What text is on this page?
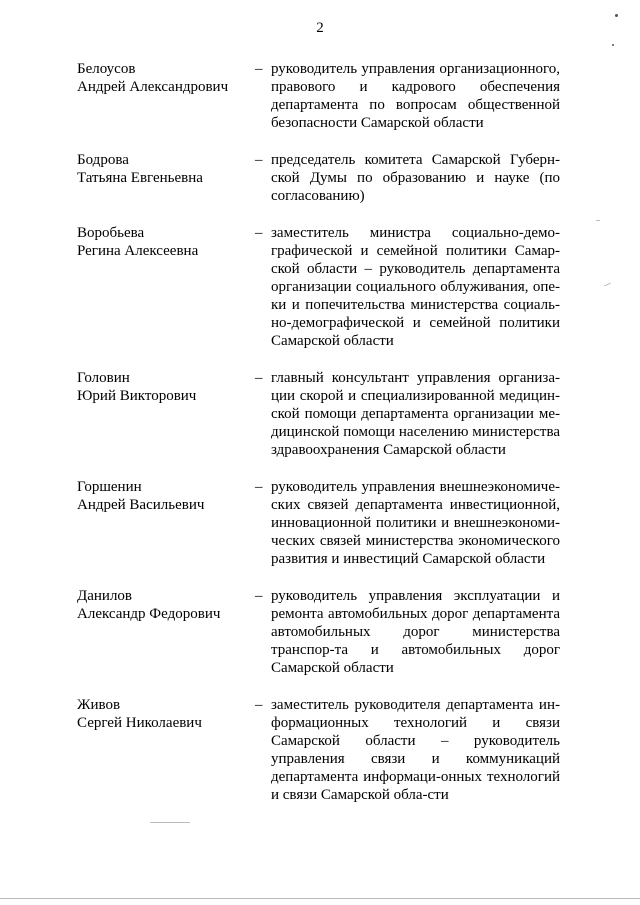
2
Белоусов
Андрей Александрович
– руководитель управления организационного, правового и кадрового обеспечения департамента по вопросам общественной безопасности Самарской области
Бодрова
Татьяна Евгеньевна
– председатель комитета Самарской Губерн-ской Думы по образованию и науке (по согласованию)
Воробьева
Регина Алексеевна
– заместитель министра социально-демо-графической и семейной политики Самар-ской области – руководитель департамента организации социального облуживания, опе-ки и попечительства министерства социаль-но-демографической и семейной политики Самарской области
Головин
Юрий Викторович
– главный консультант управления организа-ции скорой и специализированной медицин-ской помощи департамента организации ме-дицинской помощи населению министерства здравоохранения Самарской области
Горшенин
Андрей Васильевич
– руководитель управления внешнеэкономиче-ских связей департамента инвестиционной, инновационной политики и внешнеэкономи-ческих связей министерства экономического развития и инвестиций Самарской области
Данилов
Александр Федорович
– руководитель управления эксплуатации и ремонта автомобильных дорог департамента автомобильных дорог министерства транспор-та и автомобильных дорог Самарской области
Живов
Сергей Николаевич
– заместитель руководителя департамента ин-формационных технологий и связи Самарской области – руководитель управления связи и коммуникаций департамента информаци-онных технологий и связи Самарской обла-сти
